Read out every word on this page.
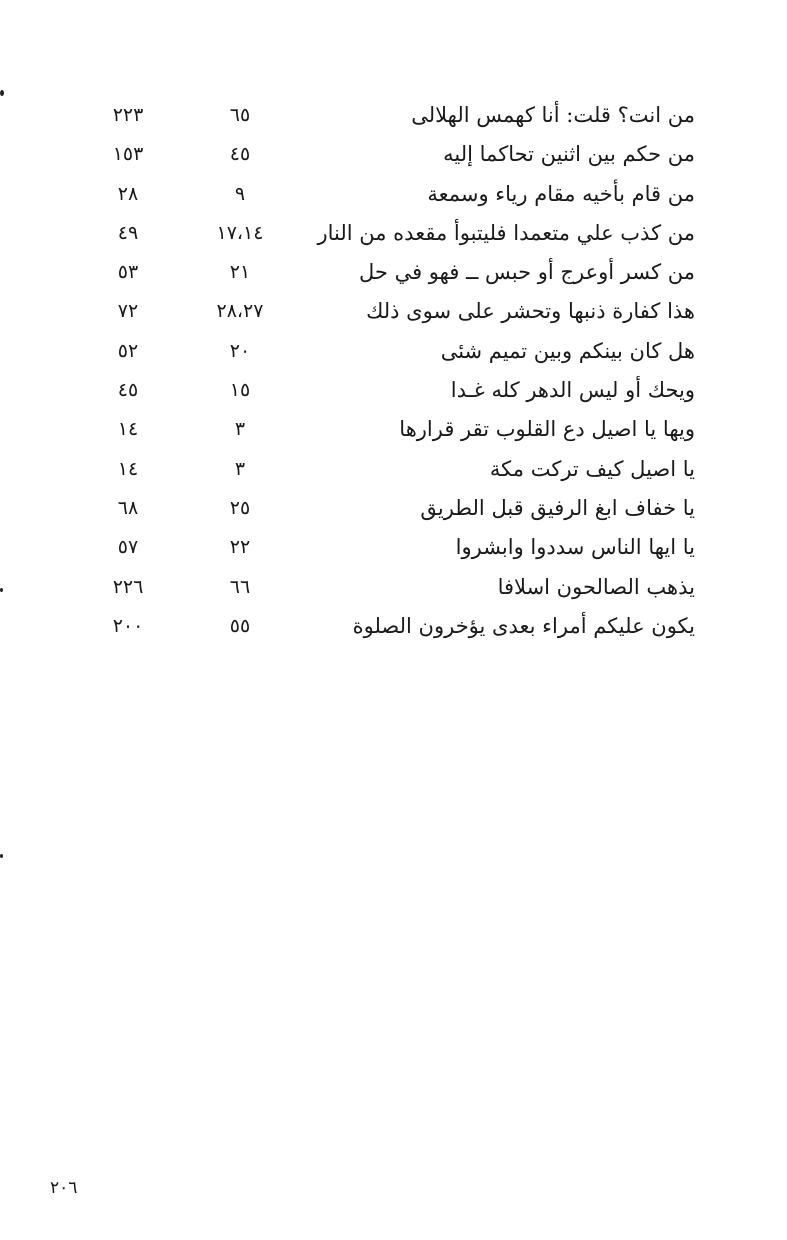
من انت؟ قلت: أنا كهمس الهلالى
٦٥
٢٢٣
من حكم بين اثنين تحاكما إليه
٤٥
١٥٣
من قام بأخيه مقام رياء وسمعة
٩
٢٨
من كذب علي متعمدا فليتبوأ مقعده من النار
١٧،١٤
٤٩
من كسر أوعرج أو حبس ــ فهو في حل
٢١
٥٣
هذا كفارة ذنبها وتحشر على سوى ذلك
٢٨،٢٧
٧٢
هل كان بينكم وبين تميم شئى
٢٠
٥٢
ويحك أو ليس الدهر كله غـدا
١٥
٤٥
ويها يا اصيل دع القلوب تقر قرارها
٣
١٤
يا اصيل كيف تركت مكة
٣
١٤
يا خفاف ابغ الرفيق قبل الطريق
٢٥
٦٨
يا ايها الناس سددوا وابشروا
٢٢
٥٧
يذهب الصالحون اسلافا
٦٦
٢٢٦
يكون عليكم أمراء بعدى يؤخرون الصلوة
٥٥
٢٠٠
٢٠٦
